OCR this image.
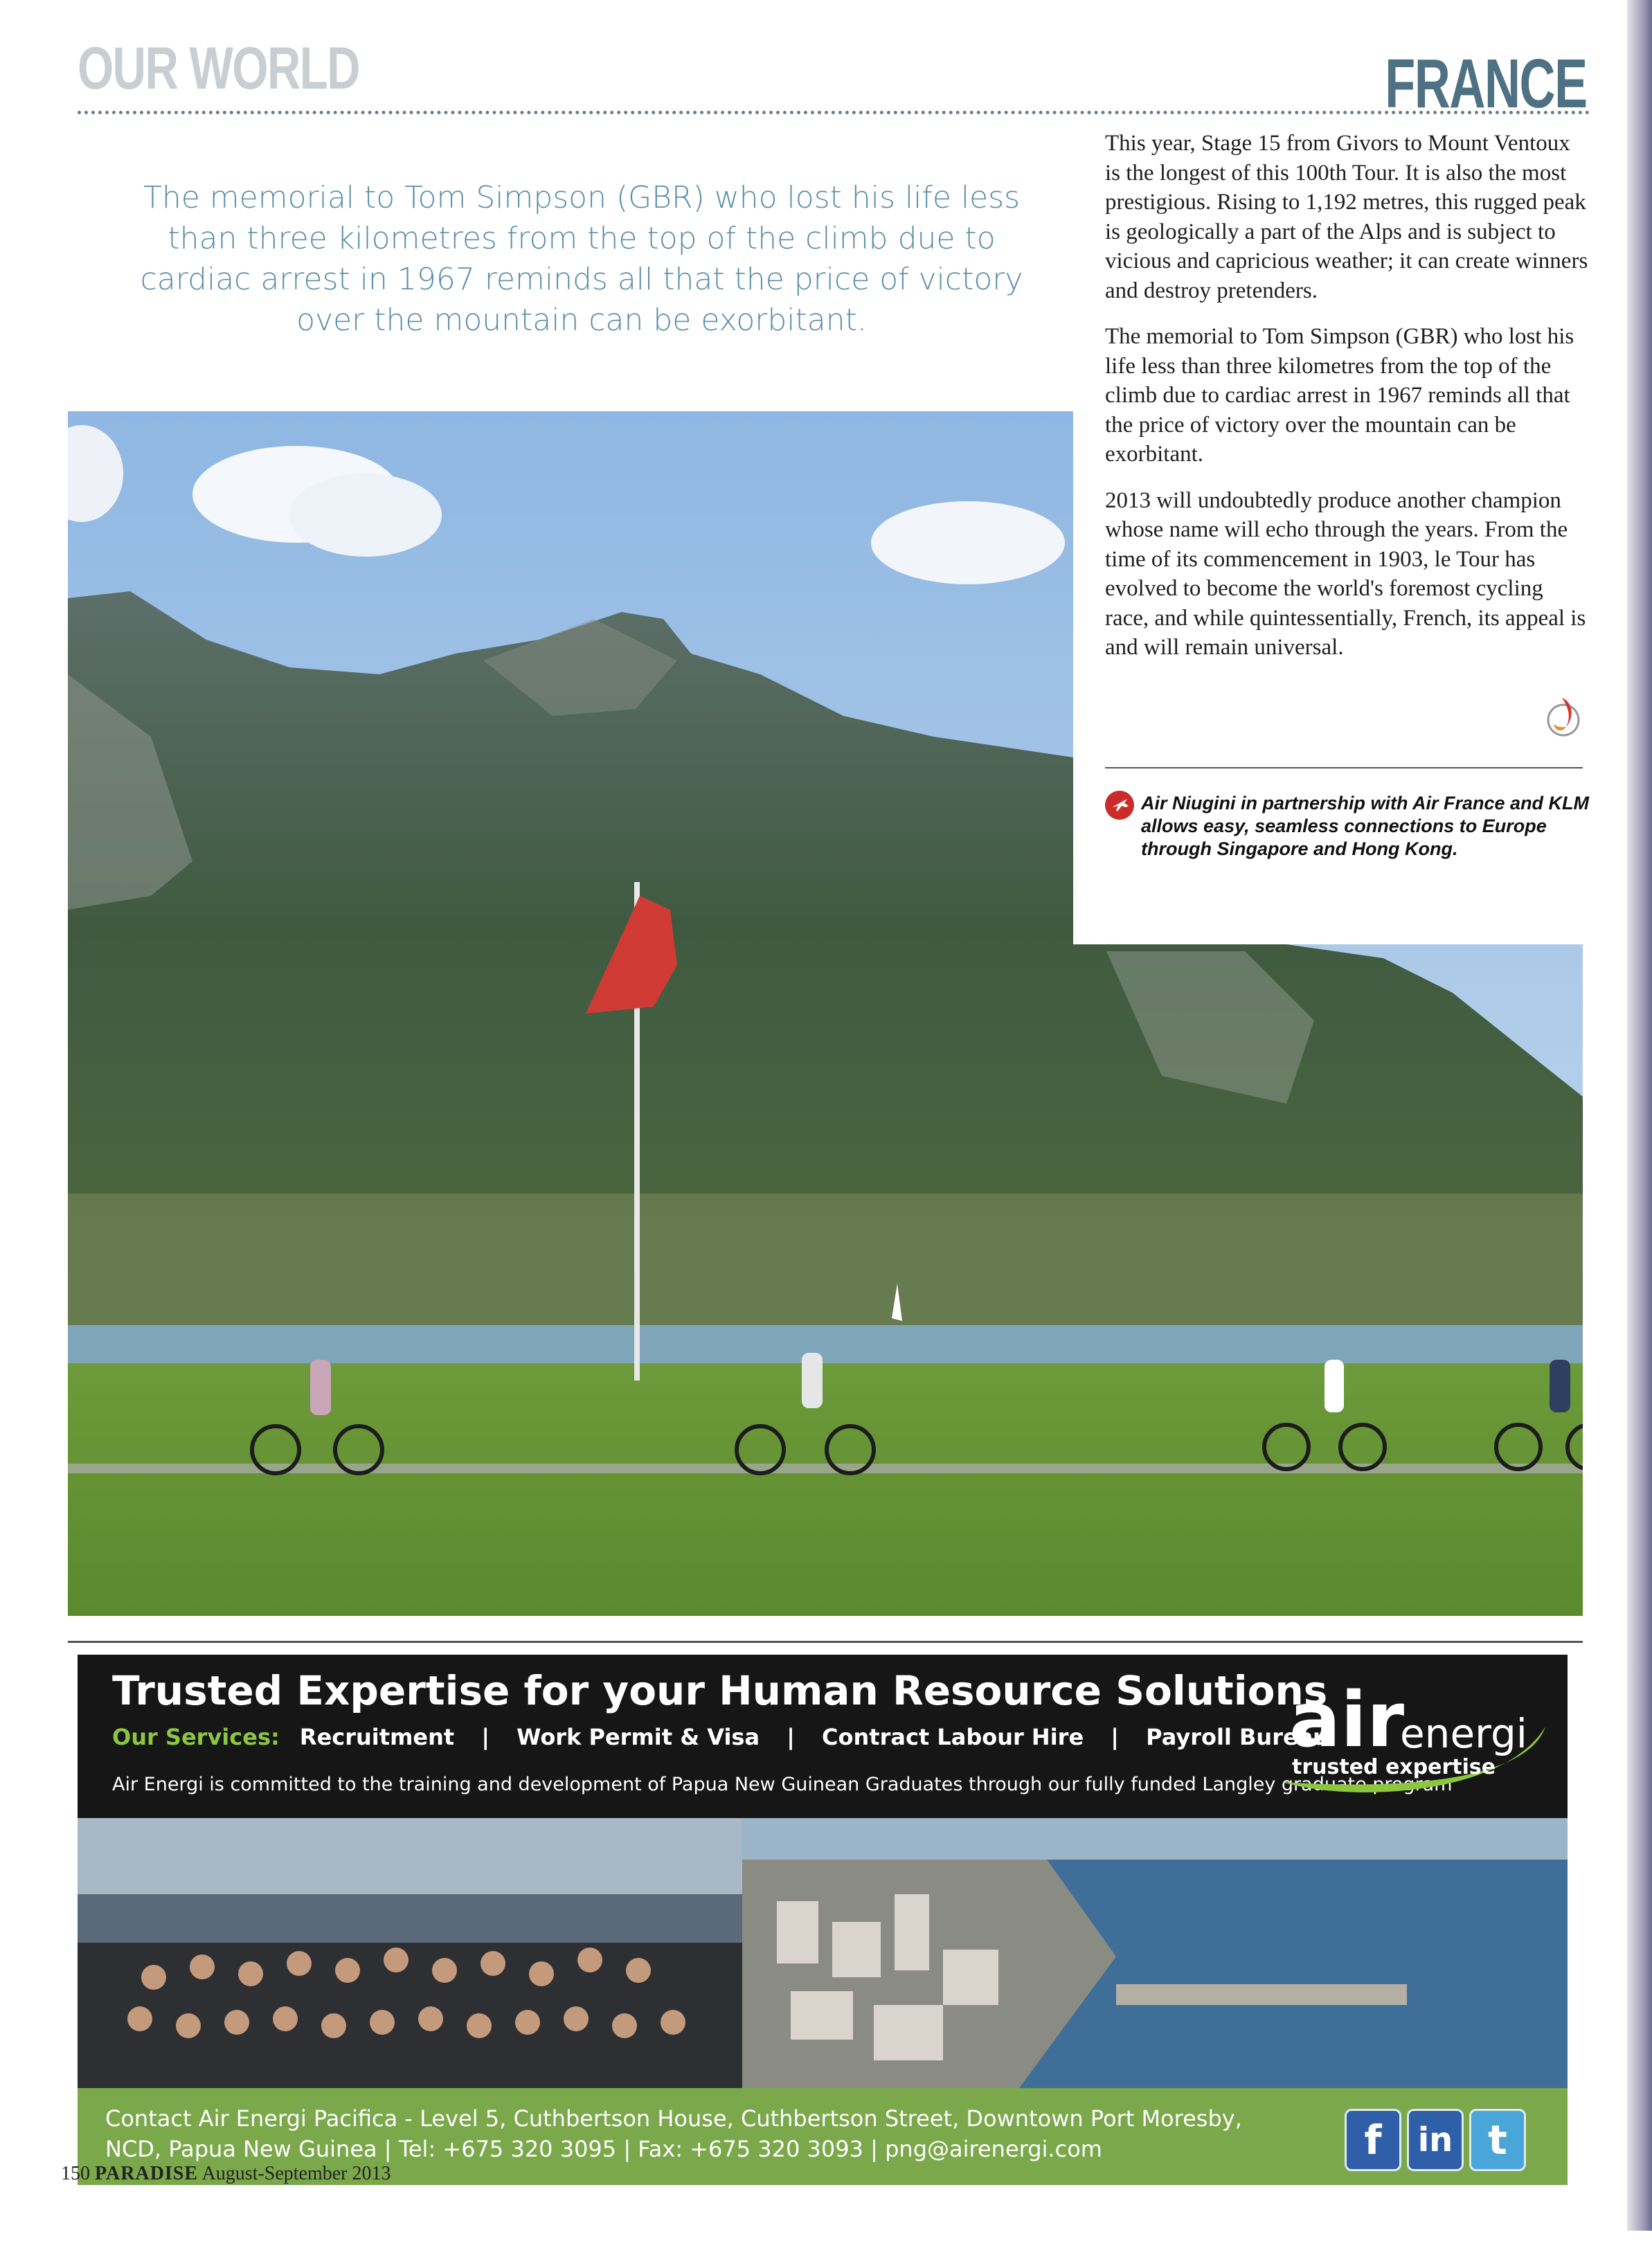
OUR WORLD	FRANCE
The memorial to Tom Simpson (GBR) who lost his life less than three kilometres from the top of the climb due to cardiac arrest in 1967 reminds all that the price of victory over the mountain can be exorbitant.

This year, Stage 15 from Givors to Mount Ventoux is the longest of this 100th Tour. It is also the most prestigious. Rising to 1,192 metres, this rugged peak is geologically a part of the Alps and is subject to vicious and capricious weather; it can create winners and destroy pretenders.

The memorial to Tom Simpson (GBR) who lost his life less than three kilometres from the top of the climb due to cardiac arrest in 1967 reminds all that the price of victory over the mountain can be exorbitant.

2013 will undoubtedly produce another champion whose name will echo through the years. From the time of its commencement in 1903, le Tour has evolved to become the world's foremost cycling race, and while quintessentially, French, its appeal is and will remain universal.

Air Niugini in partnership with Air France and KLM allows easy, seamless connections to Europe through Singapore and Hong Kong.
Trusted Expertise for your Human Resource Solutions
Our Services: Recruitment | Work Permit & Visa | Contract Labour Hire | Payroll Bureau
Air Energi is committed to the training and development of Papua New Guinean Graduates through our fully funded Langley graduate program
air
energi
trusted expertise
www.airenergi.com
Contact Air Energi Pacifica - Level 5, Cuthbertson House, Cuthbertson Street, Downtown Port Moresby,
NCD, Papua New Guinea | Tel: +675 320 3095 | Fax: +675 320 3093 | png@airenergi.com	f	in t
150 PARADISE August-September 2013
